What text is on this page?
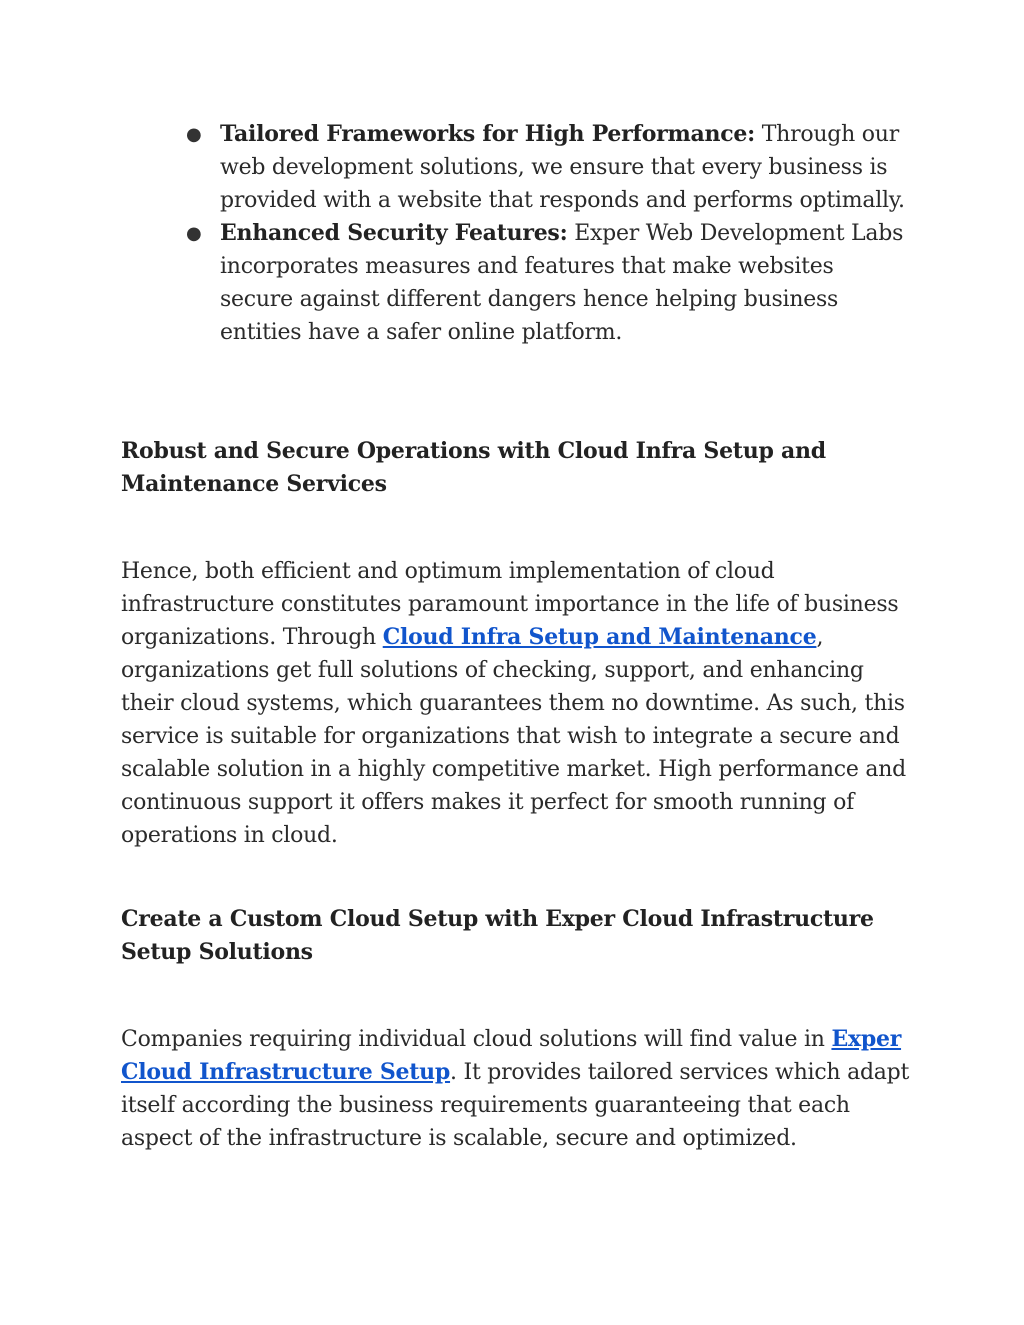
● Tailored Frameworks for High Performance: Through our web development solutions, we ensure that every business is provided with a website that responds and performs optimally.
● Enhanced Security Features: Exper Web Development Labs incorporates measures and features that make websites secure against different dangers hence helping business entities have a safer online platform.
Robust and Secure Operations with Cloud Infra Setup and Maintenance Services

Hence, both efficient and optimum implementation of cloud infrastructure constitutes paramount importance in the life of business organizations. Through Cloud Infra Setup and Maintenance, organizations get full solutions of checking, support, and enhancing their cloud systems, which guarantees them no downtime. As such, this service is suitable for organizations that wish to integrate a secure and scalable solution in a highly competitive market. High performance and continuous support it offers makes it perfect for smooth running of operations in cloud.

Create a Custom Cloud Setup with Exper Cloud Infrastructure Setup Solutions

Companies requiring individual cloud solutions will find value in Exper Cloud Infrastructure Setup. It provides tailored services which adapt itself according the business requirements guaranteeing that each aspect of the infrastructure is scalable, secure and optimized.
